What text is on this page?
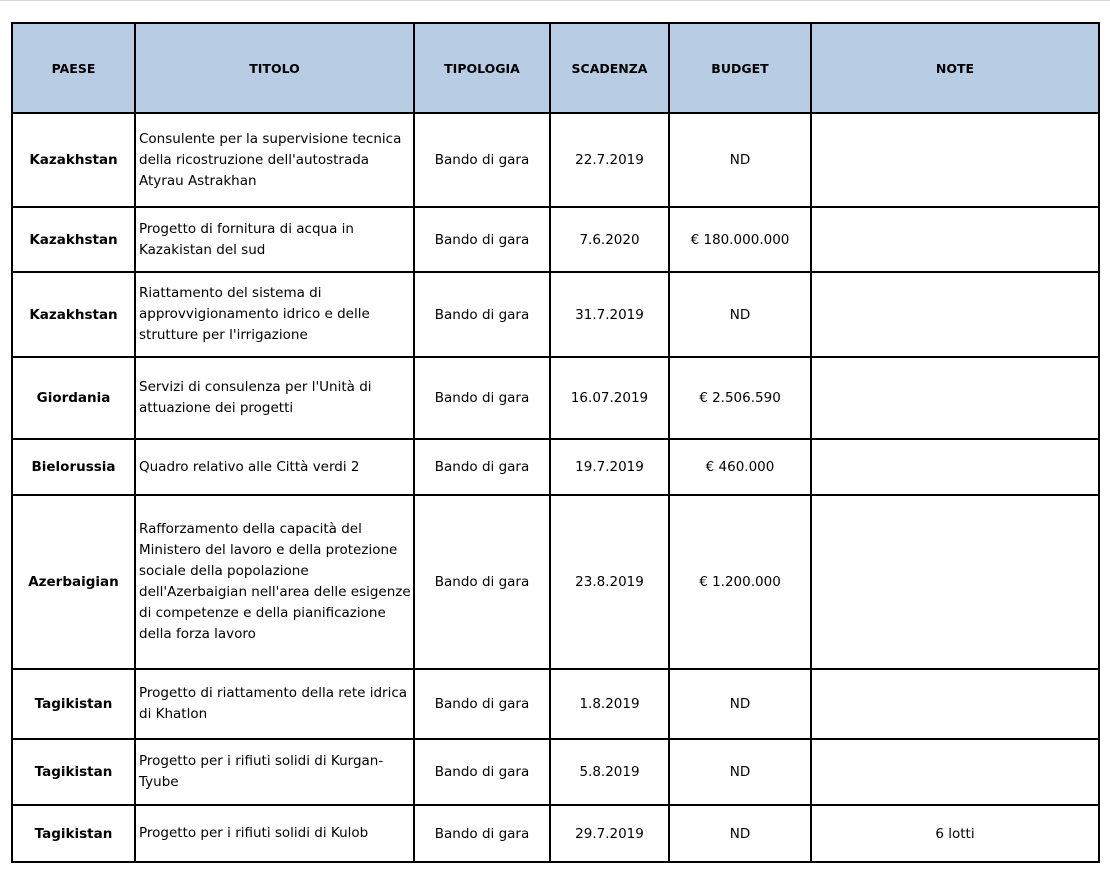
PAESE	TITOLO	TIPOLOGIA	SCADENZA	BUDGET	NOTE
Kazakhstan	Consulente per la supervisione tecnica della ricostruzione dell'autostrada Atyrau Astrakhan	Bando di gara	22.7.2019	ND	
Kazakhstan	Progetto di fornitura di acqua in Kazakistan del sud	Bando di gara	7.6.2020	€ 180.000.000	
Kazakhstan	Riattamento del sistema di approvvigionamento idrico e delle strutture per l'irrigazione	Bando di gara	31.7.2019	ND	
Giordania	Servizi di consulenza per l'Unità di attuazione dei progetti	Bando di gara	16.07.2019	€ 2.506.590	
Bielorussia	Quadro relativo alle Città verdi 2	Bando di gara	19.7.2019	€ 460.000	
Azerbaigian	Rafforzamento della capacità del Ministero del lavoro e della protezione sociale della popolazione dell'Azerbaigian nell'area delle esigenze di competenze e della pianificazione della forza lavoro	Bando di gara	23.8.2019	€ 1.200.000	
Tagikistan	Progetto di riattamento della rete idrica di Khatlon	Bando di gara	1.8.2019	ND	
Tagikistan	Progetto per i rifiuti solidi di Kurgan-Tyube	Bando di gara	5.8.2019	ND	
Tagikistan	Progetto per i rifiuti solidi di Kulob	Bando di gara	29.7.2019	ND	6 lotti
